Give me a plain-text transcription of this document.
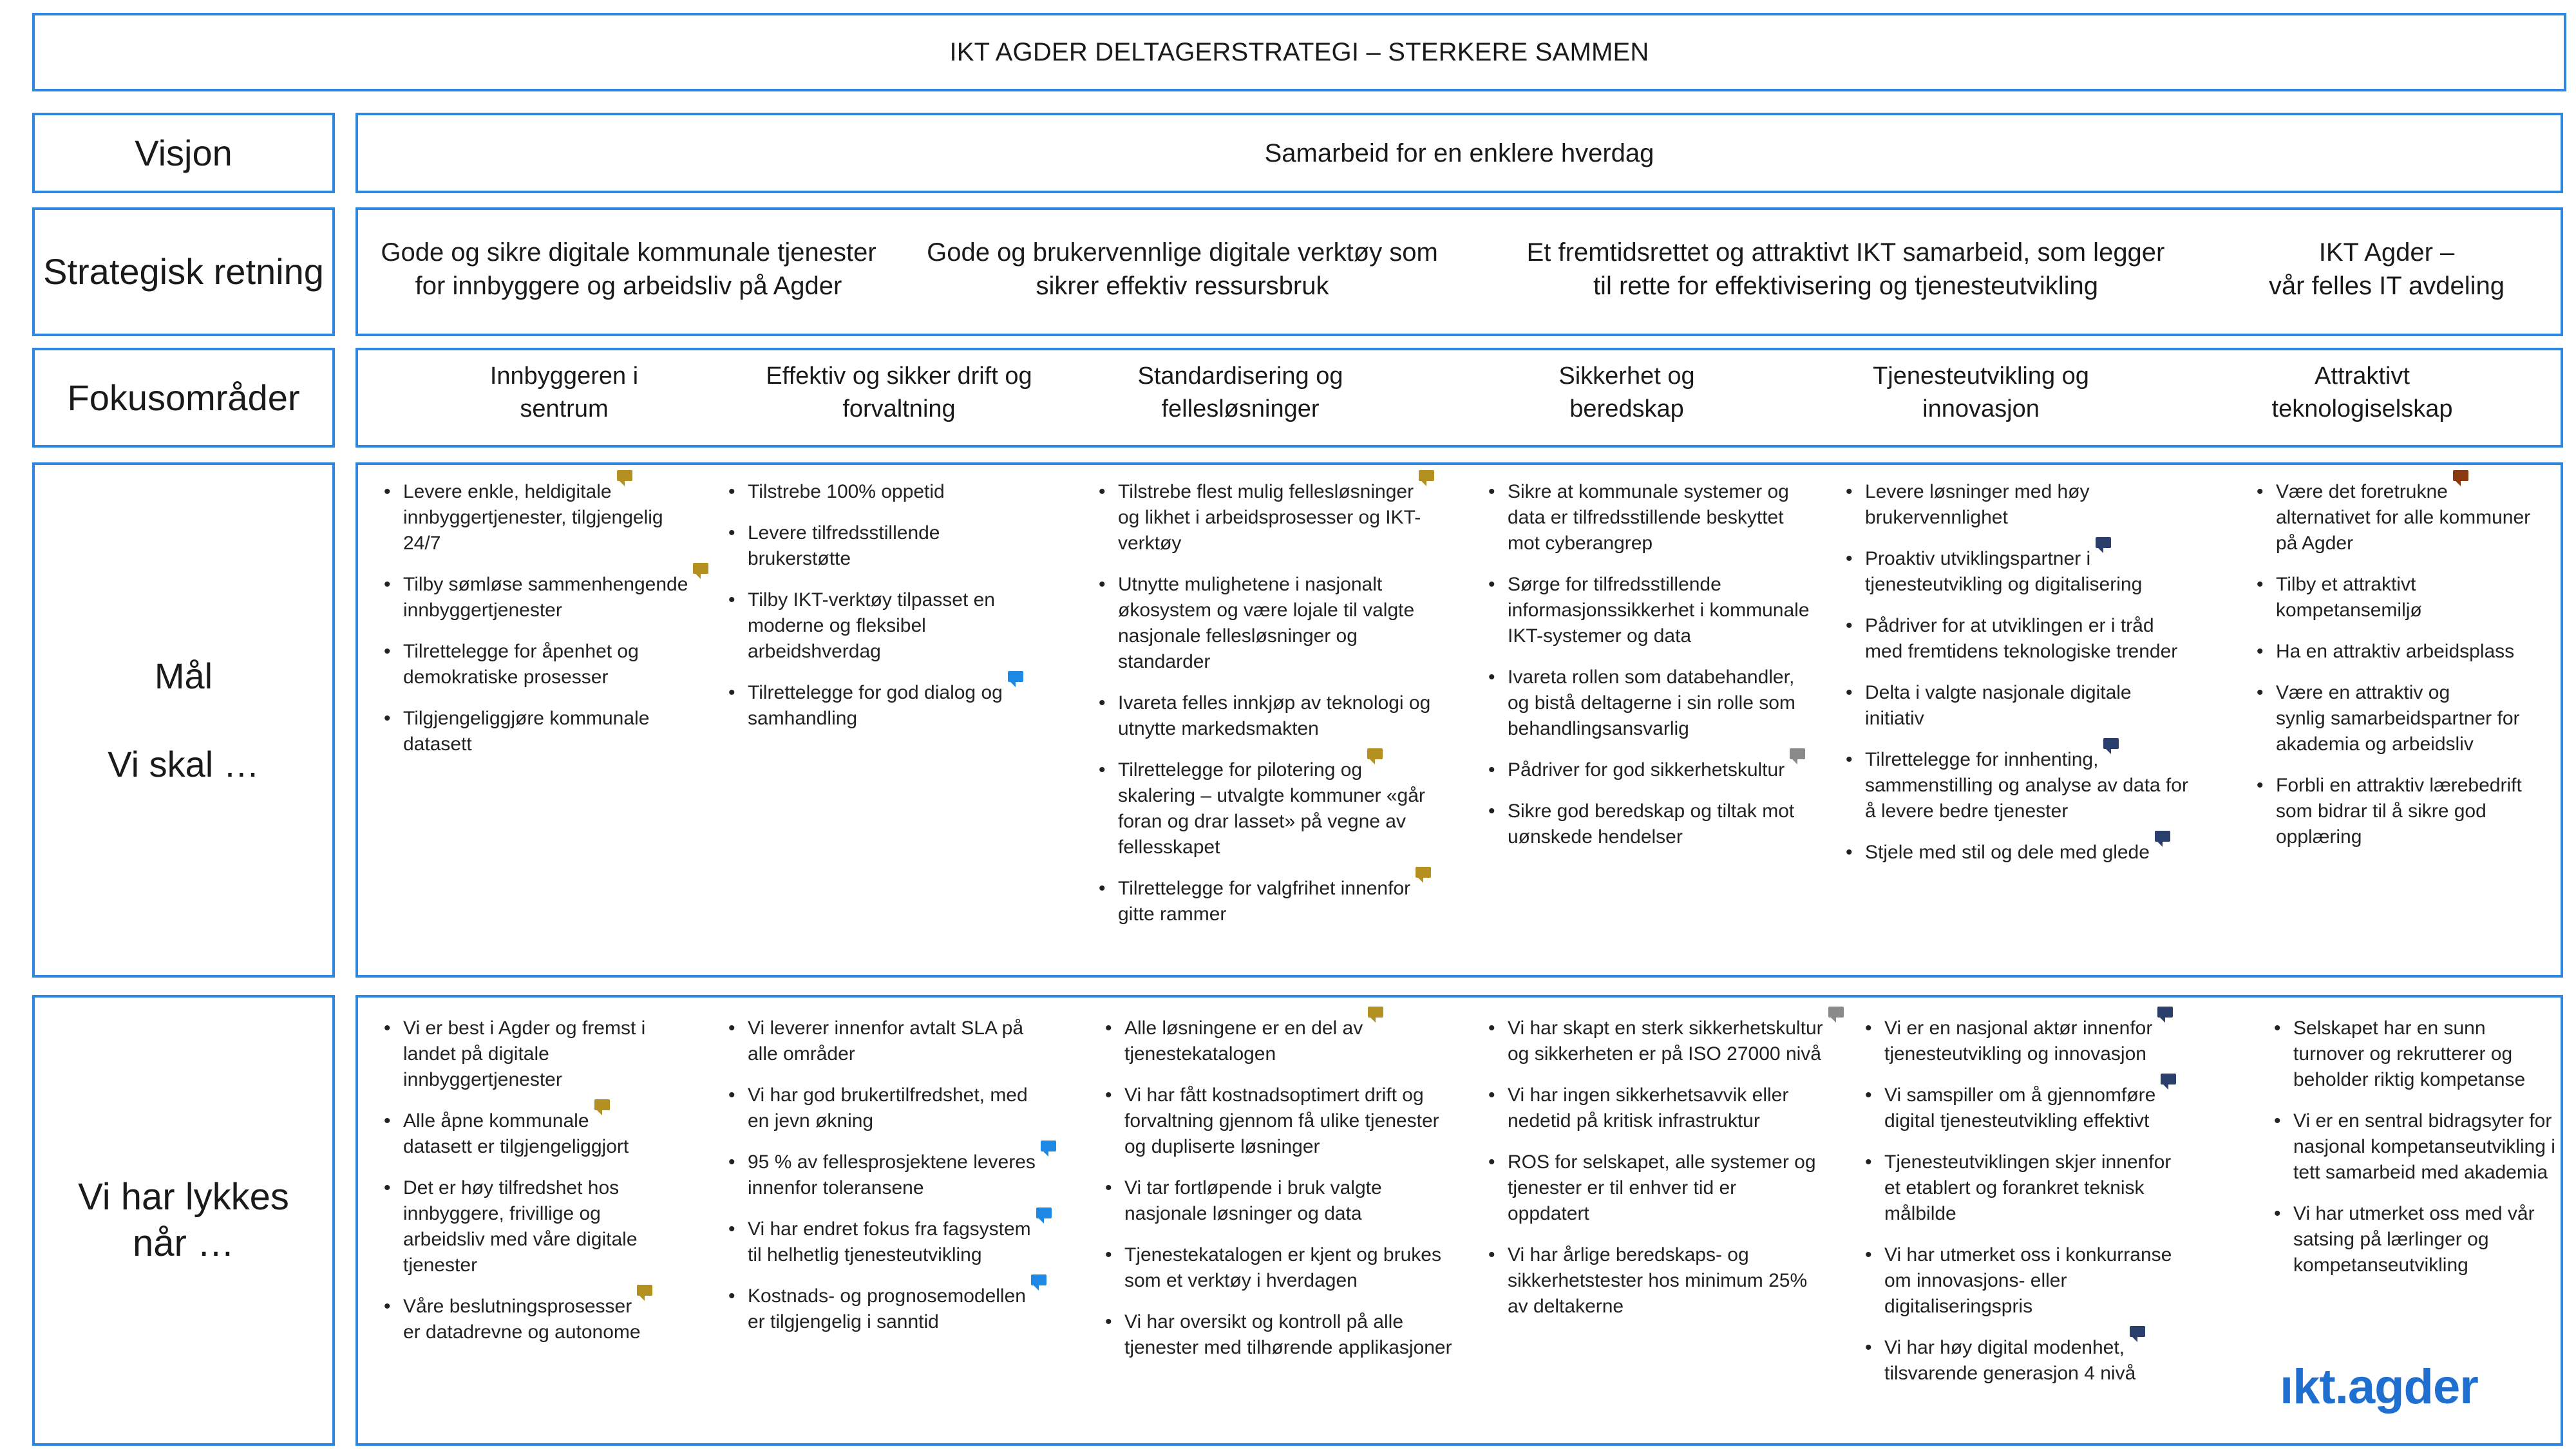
IKT AGDER DELTAGERSTRATEGI – STERKERE SAMMEN
Visjon	Samarbeid for en enklere hverdag
Strategisk retning Gode og sikre digitale kommunale tjenester
for innbyggere og arbeidsliv på Agder
Gode og brukervennlige digitale verktøy som
sikrer effektiv ressursbruk
Et fremtidsrettet og attraktivt IKT samarbeid, som legger
til rette for effektivisering og tjenesteutvikling
IKT Agder –
vår felles IT avdeling
Fokusområder
Innbyggeren i
sentrum
Effektiv og sikker drift og
forvaltning
Standardisering og
fellesløsninger
Sikkerhet og
beredskap
Tjenesteutvikling og
innovasjon
Attraktivt
teknologiselskap
Mål
Vi skal …
• Levere enkle, heldigitale
innbyggertjenester, tilgjengelig
24/7
• Tilby sømløse sammenhengende
innbyggertjenester
• Tilrettelegge for åpenhet og
demokratiske prosesser
• Tilgjengeliggjøre kommunale
datasett
• Tilstrebe 100% oppetid
• Levere tilfredsstillende
brukerstøtte
• Tilby IKT-verktøy tilpasset en
moderne og fleksibel
arbeidshverdag
• Tilrettelegge for god dialog og
samhandling
• Tilstrebe flest mulig fellesløsninger
og likhet i arbeidsprosesser og IKT-
verktøy
• Utnytte mulighetene i nasjonalt
økosystem og være lojale til valgte
nasjonale fellesløsninger og
standarder
• Ivareta felles innkjøp av teknologi og
utnytte markedsmakten
• Tilrettelegge for pilotering og
skalering – utvalgte kommuner «går
foran og drar lasset» på vegne av
fellesskapet
• Tilrettelegge for valgfrihet innenfor
gitte rammer
• Sikre at kommunale systemer og
data er tilfredsstillende beskyttet
mot cyberangrep
• Sørge for tilfredsstillende
informasjonssikkerhet i kommunale
IKT-systemer og data
• Ivareta rollen som databehandler,
og bistå deltagerne i sin rolle som
behandlingsansvarlig
• Pådriver for god sikkerhetskultur
• Sikre god beredskap og tiltak mot
uønskede hendelser
• Levere løsninger med høy
brukervennlighet
• Proaktiv utviklingspartner i
tjenesteutvikling og digitalisering
• Pådriver for at utviklingen er i tråd
med fremtidens teknologiske trender
• Delta i valgte nasjonale digitale
initiativ
• Tilrettelegge for innhenting,
sammenstilling og analyse av data for
å levere bedre tjenester
• Stjele med stil og dele med glede
• Være det foretrukne
alternativet for alle kommuner
på Agder
• Tilby et attraktivt
kompetansemiljø
• Ha en attraktiv arbeidsplass
• Være en attraktiv og
synlig samarbeidspartner for
akademia og arbeidsliv
• Forbli en attraktiv lærebedrift
som bidrar til å sikre god
opplæring
Vi har lykkes
når …
• Vi er best i Agder og fremst i
landet på digitale
innbyggertjenester
• Alle åpne kommunale
datasett er tilgjengeliggjort
• Det er høy tilfredshet hos
innbyggere, frivillige og
arbeidsliv med våre digitale
tjenester
• Våre beslutningsprosesser
er datadrevne og autonome
• Vi leverer innenfor avtalt SLA på
alle områder
• Vi har god brukertilfredshet, med
en jevn økning
• 95 % av fellesprosjektene leveres
innenfor toleransene
• Vi har endret fokus fra fagsystem
til helhetlig tjenesteutvikling
• Kostnads- og prognosemodellen
er tilgjengelig i sanntid
• Alle løsningene er en del av
tjenestekatalogen
• Vi har fått kostnadsoptimert drift og
forvaltning gjennom få ulike tjenester
og dupliserte løsninger
• Vi tar fortløpende i bruk valgte
nasjonale løsninger og data
• Tjenestekatalogen er kjent og brukes
som et verktøy i hverdagen
• Vi har oversikt og kontroll på alle
tjenester med tilhørende applikasjoner
• Vi har skapt en sterk sikkerhetskultur
og sikkerheten er på ISO 27000 nivå
• Vi har ingen sikkerhetsavvik eller
nedetid på kritisk infrastruktur
• ROS for selskapet, alle systemer og
tjenester er til enhver tid er
oppdatert
• Vi har årlige beredskaps- og
sikkerhetstester hos minimum 25%
av deltakerne
• Vi er en nasjonal aktør innenfor
tjenesteutvikling og innovasjon
• Vi samspiller om å gjennomføre
digital tjenesteutvikling effektivt
• Tjenesteutviklingen skjer innenfor
et etablert og forankret teknisk
målbilde
• Vi har utmerket oss i konkurranse
om innovasjons- eller
digitaliseringspris
• Vi har høy digital modenhet,
tilsvarende generasjon 4 nivå
• Selskapet har en sunn
turnover og rekrutterer og
beholder riktig kompetanse
• Vi er en sentral bidragsyter for
nasjonal kompetanseutvikling i
tett samarbeid med akademia
• Vi har utmerket oss med vår
satsing på lærlinger og
kompetanseutvikling
ıkt.agder
